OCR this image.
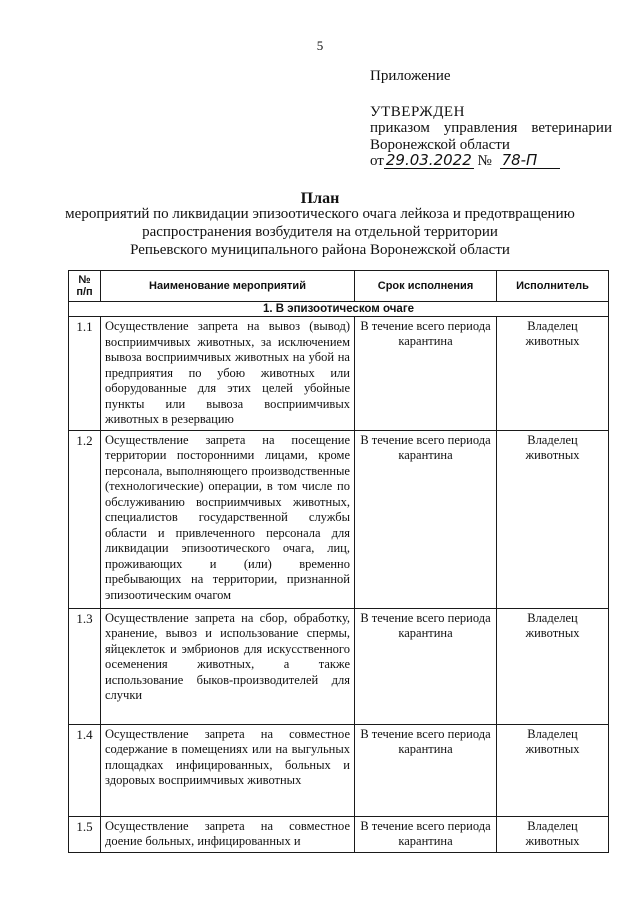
5
Приложение
УТВЕРЖДЕН
приказом управления ветеринарии
Воронежской области
от 29.03.2022 № 78-П
План
мероприятий по ликвидации эпизоотического очага лейкоза и предотвращению
распространения возбудителя на отдельной территории
Репьевского муниципального района Воронежской области
№ п/п	Наименование мероприятий	Срок исполнения	Исполнитель
1. В эпизоотическом очаге			
1.1	Осуществление запрета на вывоз (вывод) восприимчивых животных, за исключением вывоза восприимчивых животных на убой на предприятия по убою животных или оборудованные для этих целей убойные пункты или вывоза восприимчивых животных в резервацию	В течение всего периода карантина	Владелец животных
1.2	Осуществление запрета на посещение территории посторонними лицами, кроме персонала, выполняющего производственные (технологические) операции, в том числе по обслуживанию восприимчивых животных, специалистов государственной службы области и привлеченного персонала для ликвидации эпизоотического очага, лиц, проживающих и (или) временно пребывающих на территории, признанной эпизоотическим очагом	В течение всего периода карантина	Владелец животных
1.3	Осуществление запрета на сбор, обработку, хранение, вывоз и использование спермы, яйцеклеток и эмбрионов для искусственного осеменения животных, а также использование быков-производителей для случки	В течение всего периода карантина	Владелец животных
1.4	Осуществление запрета на совместное содержание в помещениях или на выгульных площадках инфицированных, больных и здоровых восприимчивых животных	В течение всего периода карантина	Владелец животных
1.5	Осуществление запрета на совместное доение больных, инфицированных и	В течение всего периода карантина	Владелец животных
